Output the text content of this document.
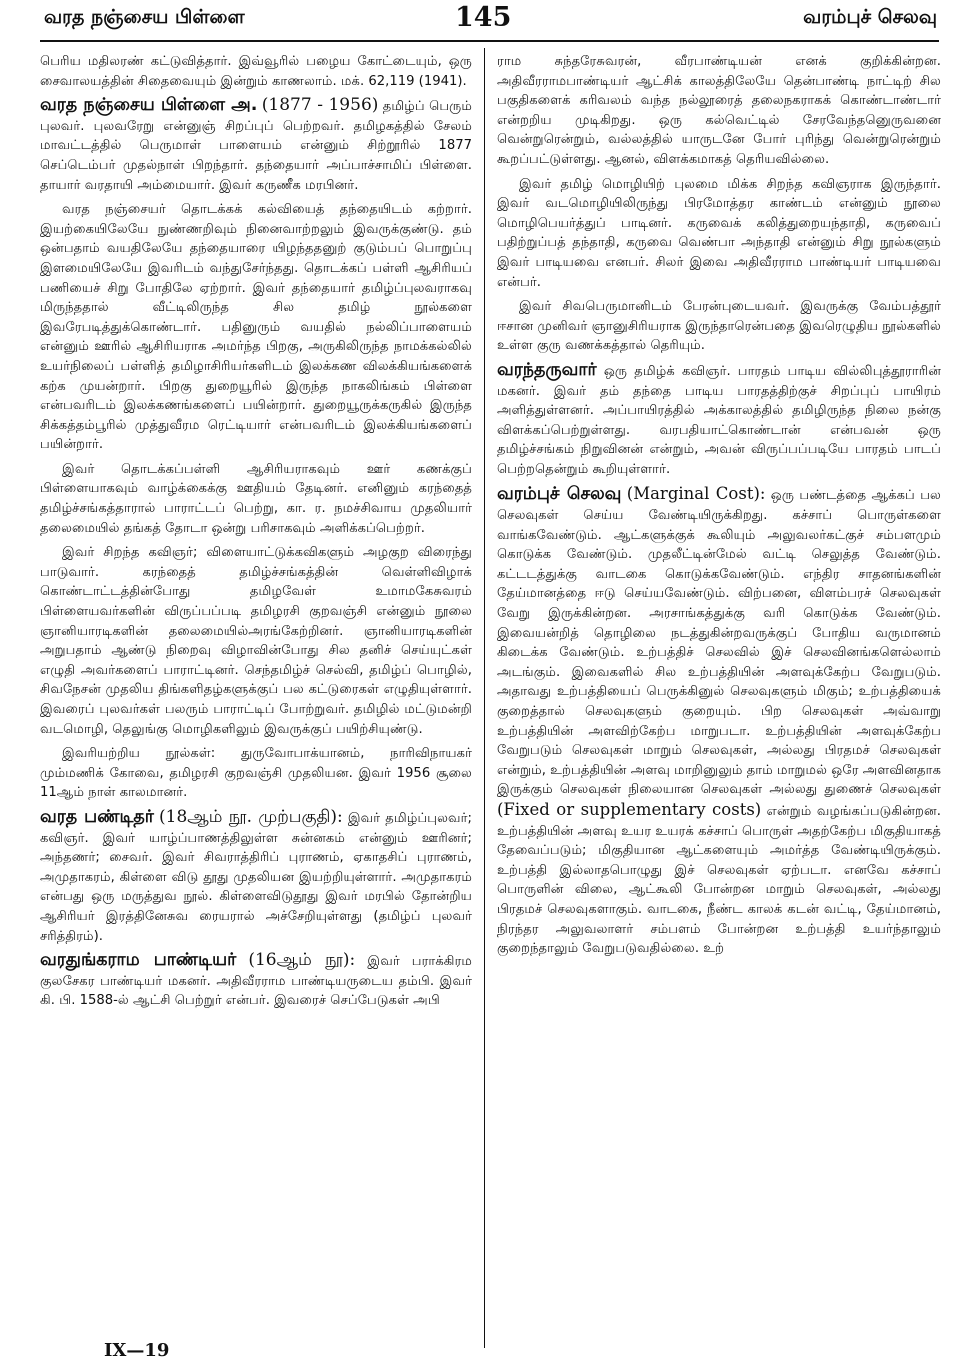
வரத நஞ்சைய பிள்ளை	145	வரம்புச் செலவு

பெரிய மதிலரண் கட்டுவித்தார். இவ்வூரில் பழைய கோட்டையும், ஒரு சைவாலயத்தின் சிதைவையும் இன்றும் காணலாம். மக். 62,119 (1941).

வரத நஞ்சைய பிள்ளை அ. (1877 - 1956) தமிழ்ப் பெரும் புலவர். புலவரேறு என்னுஞ் சிறப்புப் பெற்றவர். தமிழகத்தில் சேலம் மாவட்டத்தில் பெருமாள் பாளையம் என்னும் சிற்றூரில் 1877 செப்டெம்பர் முதல்நாள் பிறந்தார். தந்தையார் அப்பாச்சாமிப் பிள்ளை. தாயார் வரதாயி அம்மையார். இவர் கருணீக மரபினர்.

வரத நஞ்சையர் தொடக்கக் கல்வியைத் தந்தையிடம் கற்றார். இயற்கையிலேயே நுண்ணறிவும் நினைவாற்றலும் இவருக்குண்டு. தம் ஒன்பதாம் வயதிலேயே தந்தையாரை யிழந்ததனுற் குடும்பப் பொறுப்பு இளமையிலேயே இவரிடம் வந்துசேர்ந்தது. தொடக்கப் பள்ளி ஆசிரியப் பணியைச் சிறு போதிலே ஏற்றார். இவர் தந்தையார் தமிழ்ப்புலவராகவு மிருந்ததால் வீட்டிலிருந்த சில தமிழ் நூல்களை இவரேபடித்துக்கொண்டார். பதினுரும் வயதில் நல்லிப்பாளையம் என்னும் ஊரில் ஆசிரியராக அமர்ந்த பிறகு, அருகிலிருந்த நாமக்கல்லில் உயர்நிலைப் பள்ளித் தமிழாசிரியர்களிடம் இலக்கண விலக்கியங்களைக் கற்க முயன்றார். பிறகு துறையூரில் இருந்த நாகலிங்கம் பிள்ளை என்பவரிடம் இலக்கணங்களைப் பயின்றார். துறையூருக்கருகில் இருந்த சிக்கத்தம்பூரில் முத்துவீரம ரெட்டியார் என்பவரிடம் இலக்கியங்களைப் பயின்றார்.

இவர் தொடக்கப்பள்ளி ஆசிரியராகவும் ஊர் கணக்குப் பிள்ளையாகவும் வாழ்க்கைக்கு ஊதியம் தேடினர். எனினும் கரந்தைத் தமிழ்ச்சங்கத்தாரால் பாராட்டப் பெற்று, கா. ர. நமச்சிவாய முதலியார் தலைமையில் தங்கத் தோடா ஒன்று பரிசாகவும் அளிக்கப்பெற்றர்.

இவர் சிறந்த கவிஞர்; விளையாட்டுக்கவிகளும் அழகுற விரைந்து பாடுவார். கரந்தைத் தமிழ்ச்சங்கத்தின் வெள்ளிவிழாக் கொண்டாட்டத்தின்போது தமிழவேள் உமாமகேசுவரம் பிள்ளையவர்களின் விருப்பப்படி தமிழரசி குறவஞ்சி என்னும் நூலை ஞானியாரடிகளின் தலைமையில்அரங்கேற்றினர். ஞானியாரடிகளின் அறுபதாம் ஆண்டு நிறைவு விழாவின்போது சில தனிச் செய்யுட்கள் எழுதி அவர்களைப் பாராட்டினர். செந்தமிழ்ச் செல்வி, தமிழ்ப் பொழில், சிவநேசன் முதலிய திங்களிதழ்களுக்குப் பல கட்டுரைகள் எழுதியுள்ளார். இவரைப் புலவர்கள் பலரும் பாராட்டிப் போற்றுவர். தமிழில் மட்டுமன்றி வடமொழி, தெலுங்கு மொழிகளிலும் இவருக்குப் பயிற்சியுண்டு.

இவரியற்றிய நூல்கள்: துருவோபாக்யானம், நாரிவிநாயகர் மும்மணிக் கோவை, தமிழரசி குறவஞ்சி முதலியன. இவர் 1956 சூலை 11ஆம் நாள் காலமானர்.

வரத பண்டிதர் (18ஆம் நூ. முற்பகுதி): இவர் தமிழ்ப்புலவர்; கவிஞர். இவர் யாழ்ப்பாணத்திலுள்ள சுன்னகம் என்னும் ஊரினர்; அந்தணர்; சைவர். இவர் சிவராத்திரிப் புராணம், ஏகாதசிப் புராணம், அமுதாகரம், கிள்ளை விடு தூது முதலியன இயற்றியுள்ளார். அமுதாகரம் என்பது ஒரு மருத்துவ நூல். கிள்ளைவிடுதூது இவர் மரபில் தோன்றிய ஆசிரியர் இரத்தினேசுவ ரையரால் அச்சேறியுள்ளது (தமிழ்ப் புலவர் சரித்திரம்).

வரதுங்கராம பாண்டியர் (16ஆம் நூ): இவர் பராக்கிரம குலசேகர பாண்டியர் மகனர். அதிவீரராம பாண்டியருடைய தம்பி. இவர் கி. பி. 1588-ல் ஆட்சி பெற்றுர் என்பர். இவரைச் செப்பேடுகள் அபி

ராம சுந்தரேசுவரன், வீரபாண்டியன் எனக் குறிக்கின்றன. அதிவீரராமபாண்டியர் ஆட்சிக் காலத்திலேயே தென்பாண்டி நாட்டிற் சில பகுதிகளைக் கரிவலம் வந்த நல்லூரைத் தலைநகராகக் கொண்டாண்டார் என்றறிய முடிகிறது. ஒரு கல்வெட்டில் சேரவேந்தனுெருவனை வென்றுரென்றும், வல்லத்தில் யாருடனே போர் புரிந்து வென்றுரென்றும் கூறப்பட்டுள்ளது. ஆனல், விளக்கமாகத் தெரியவில்லை.

இவர் தமிழ் மொழியிற் புலமை மிக்க சிறந்த கவிஞராக இருந்தார். இவர் வடமொழியிலிருந்து பிரமோத்தர காண்டம் என்னும் நூலை மொழிபெயர்த்துப் பாடினர். கருவைக் கலித்துறையந்தாதி, கருவைப் பதிற்றுப்பத் தந்தாதி, கருவை வெண்பா அந்தாதி என்னும் சிறு நூல்களும் இவர் பாடியவை எனபர். சிலர் இவை அதிவீரராம பாண்டியர் பாடியவை என்பர்.

இவர் சிவபெருமானிடம் பேரன்புடையவர். இவருக்கு வேம்பத்தூர் ஈசான முனிவர் ஞானுசிரியராக இருந்தாரென்பதை இவரெழுதிய நூல்களில் உள்ள குரு வணக்கத்தால் தெரியும்.

வரந்தருவார் ஒரு தமிழ்க் கவிஞர். பாரதம் பாடிய வில்லிபுத்தூராரின் மகனர். இவர் தம் தந்தை பாடிய பாரதத்திற்குச் சிறப்புப் பாயிரம் அளித்துள்ளனர். அப்பாயிரத்தில் அக்காலத்தில் தமிழிருந்த நிலை நன்கு விளக்கப்பெற்றுள்ளது. வரபதியாட்கொண்டான் என்பவன் ஒரு தமிழ்ச்சங்கம் நிறுவினன் என்றும், அவன் விருப்பப்படியே பாரதம் பாடப் பெற்றதென்றும் கூறியுள்ளார்.

வரம்புச் செலவு (Marginal Cost): ஒரு பண்டத்தை ஆக்கப் பல செலவுகள் செய்ய வேண்டியிருக்கிறது. கச்சாப் பொருள்களை வாங்கவேண்டும். ஆட்களுக்குக் கூலியும் அலுவலர்கட்குச் சம்பளமும் கொடுக்க வேண்டும். முதலீட்டின்மேல் வட்டி செலுத்த வேண்டும். கட்டடத்துக்கு வாடகை கொடுக்கவேண்டும். எந்திர சாதனங்களின் தேய்மானத்தை ஈடு செய்யவேண்டும். விற்பனை, விளம்பரச் செலவுகள் வேறு இருக்கின்றன. அரசாங்கத்துக்கு வரி கொடுக்க வேண்டும். இவையன்றித் தொழிலை நடத்துகின்றவருக்குப் போதிய வருமானம் கிடைக்க வேண்டும். உற்பத்திச் செலவில் இச் செலவினங்களெல்லாம் அடங்கும். இவைகளில் சில உற்பத்தியின் அளவுக்கேற்ப வேறுபடும். அதாவது உற்பத்தியைப் பெருக்கினுல் செலவுகளும் மிகும்; உற்பத்தியைக் குறைத்தால் செலவுகளும் குறையும். பிற செலவுகள் அவ்வாறு உற்பத்தியின் அளவிற்கேற்ப மாறுபடா. உற்பத்தியின் அளவுக்கேற்ப வேறுபடும் செலவுகள் மாறும் செலவுகள், அல்லது பிரதமச் செலவுகள் என்றும், உற்பத்தியின் அளவு மாறினுலும் தாம் மாறுமல் ஒரே அளவினதாக இருக்கும் செலவுகள் நிலையான செலவுகள் அல்லது துணைச் செலவுகள் (Fixed or supplementary costs) என்றும் வழங்கப்படுகின்றன. உற்பத்தியின் அளவு உயர உயரக் கச்சாப் பொருள் அதற்கேற்ப மிகுதியாகத் தேவைப்படும்; மிகுதியான ஆட்களையும் அமர்த்த வேண்டியிருக்கும். உற்பத்தி இல்லாதபொழுது இச் செலவுகள் ஏற்படா. எனவே கச்சாப் பொருளின் விலை, ஆட்கூலி போன்றன மாறும் செலவுகள், அல்லது பிரதமச் செலவுகளாகும். வாடகை, நீண்ட காலக் கடன் வட்டி, தேய்மானம், நிரந்தர அலுவலாளர் சம்பளம் போன்றன உற்பத்தி உயர்ந்தாலும் குறைந்தாலும் வேறுபடுவதில்லை. உற்

IX—19
